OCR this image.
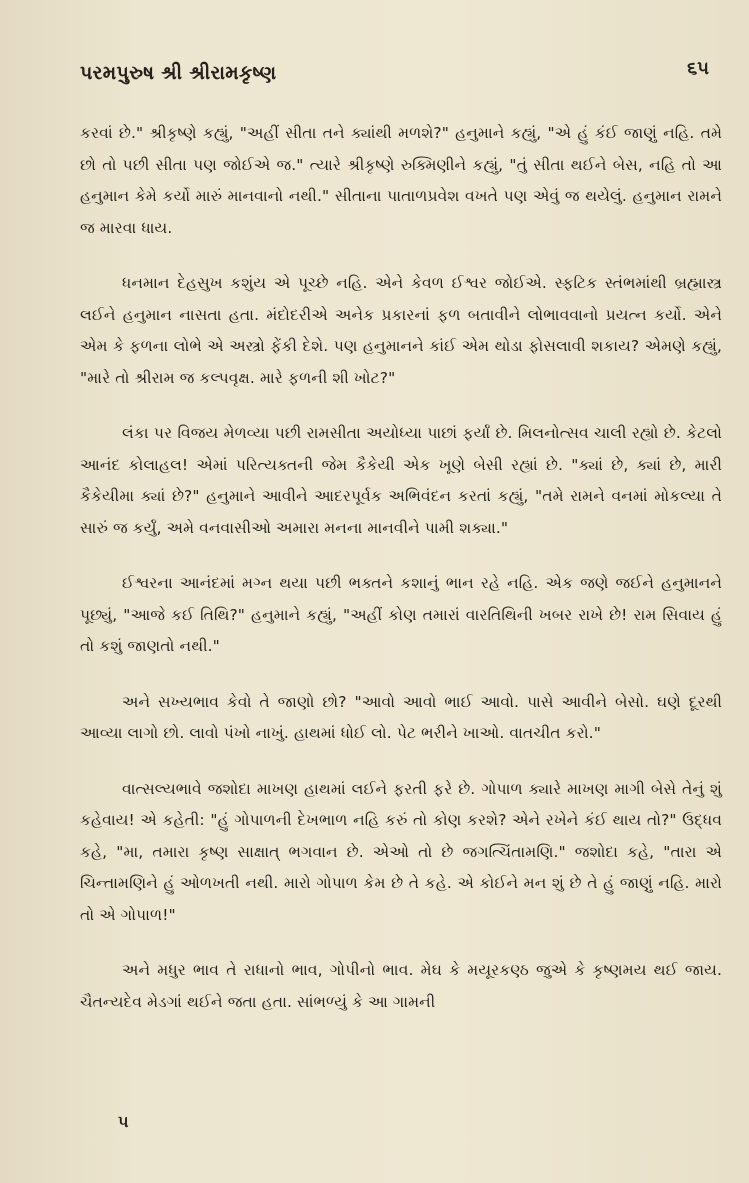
પરમપુરુષ શ્રી શ્રીરામકૃષ્ણ	૬૫

કરવાં છે." શ્રીકૃષ્ણે કહ્યું, "અહીં સીતા તને ક્યાંથી મળશે?" હનુમાને કહ્યું, "એ હું કંઈ જાણું નહિ. તમે છો તો પછી સીતા પણ જોઈએ જ." ત્યારે શ્રીકૃષ્ણે રુક્મિણીને કહ્યું, "તું સીતા થઈને બેસ, નહિ તો આ હનુમાન કેમે કર્યો મારું માનવાનો નથી." સીતાના પાતાળપ્રવેશ વખતે પણ એવું જ થયેલું. હનુમાન રામને જ મારવા ધાય.

ધનમાન દેહસુખ કશુંય એ પૂચ્છે નહિ. એને કેવળ ઈશ્વર જોઈએ. સ્ફટિક સ્તંભમાંથી બ્રહ્માસ્ત્ર લઈને હનુમાન નાસતા હતા. મંદોદરીએ અનેક પ્રકારનાં ફળ બતાવીને લોભાવવાનો પ્રયત્ન કર્યો. એને એમ કે ફળના લોભે એ અસ્ત્રો ફેંકી દેશે. પણ હનુમાનને કાંઈ એમ થોડા ફોસલાવી શકાય? એમણે કહ્યું, "મારે તો શ્રીરામ જ કલ્પવૃક્ષ. મારે ફળની શી ખોટ?"

લંકા પર વિજય મેળવ્યા પછી રામસીતા અયોધ્યા પાછાં ફર્યાં છે. મિલનોત્સવ ચાલી રહ્યો છે. કેટલો આનંદ કોલાહલ! એમાં પરિત્યક્તની જેમ કૈકેયી એક ખૂણે બેસી રહ્યાં છે. "ક્યાં છે, ક્યાં છે, મારી કૈકેયીમા ક્યાં છે?" હનુમાને આવીને આદરપૂર્વક અભિવંદન કરતાં કહ્યું, "તમે રામને વનમાં મોકલ્યા તે સારું જ કર્યું, અમે વનવાસીઓ અમારા મનના માનવીને પામી શક્યા."

ઈશ્વરના આનંદમાં મગ્ન થયા પછી ભક્તને કશાનું ભાન રહે નહિ. એક જણે જઈને હનુમાનને પૂછ્યું, "આજે કઈ તિથિ?" હનુમાને કહ્યું, "અહીં કોણ તમારાં વારતિથિની ખબર રાખે છે! રામ સિવાય હું તો કશું જાણતો નથી."

અને સખ્યભાવ કેવો તે જાણો છો? "આવો આવો ભાઈ આવો. પાસે આવીને બેસો. ઘણે દૂરથી આવ્યા લાગો છો. લાવો પંખો નાખું. હાથમાં ધોઈ લો. પેટ ભરીને ખાઓ. વાતચીત કરો."

વાત્સલ્યભાવે જશોદા માખણ હાથમાં લઈને ફરતી ફરે છે. ગોપાળ ક્યારે માખણ માગી બેસે તેનું શું કહેવાય! એ કહેતી: "હું ગોપાળની દેખભાળ નહિ કરું તો કોણ કરશે? એને રખેને કંઈ થાય તો?" ઉદ્ધવ કહે, "મા, તમારા કૃષ્ણ સાક્ષાત્ ભગવાન છે. એઓ તો છે જગત્ચિંતામણિ." જશોદા કહે, "તારા એ ચિન્તામણિને હું ઓળખતી નથી. મારો ગોપાળ કેમ છે તે કહે. એ કોઈને મન શું છે તે હું જાણું નહિ. મારો તો એ ગોપાળ!"

અને મધુર ભાવ તે રાધાનો ભાવ, ગોપીનો ભાવ. મેઘ કે મયૂરકણ્ઠ જુએ કે કૃષ્ણમય થઈ જાય. ચૈતન્યદેવ મેડગાં થઈને જતા હતા. સાંભળ્યું કે આ ગામની

૫
